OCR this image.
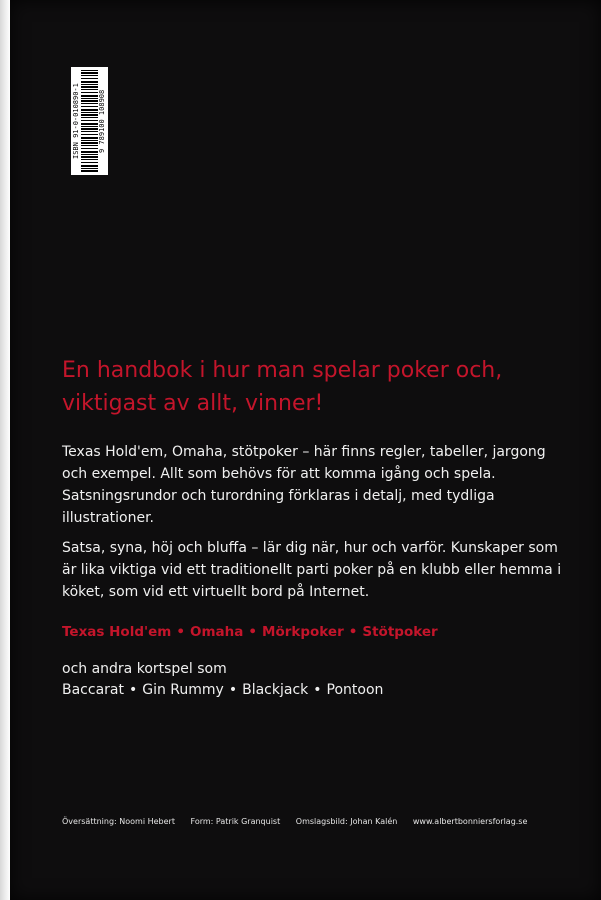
ISBN 91-0-010890-1	9 789100 108908
En handbok i hur man spelar poker och,
viktigast av allt, vinner!

Texas Hold'em, Omaha, stötpoker – här finns regler, tabeller, jargong och exempel. Allt som behövs för att komma igång och spela. Satsningsrundor och turordning förklaras i detalj, med tydliga illustrationer.

Satsa, syna, höj och bluffa – lär dig när, hur och varför. Kunskaper som är lika viktiga vid ett traditionellt parti poker på en klubb eller hemma i köket, som vid ett virtuellt bord på Internet.

Texas Hold'em • Omaha • Mörkpoker • Stötpoker

och andra kortspel som

Baccarat • Gin Rummy • Blackjack • Pontoon

Översättning: Noomi Hebert Form: Patrik Granquist Omslagsbild: Johan Kalén www.albertbonniersforlag.se
